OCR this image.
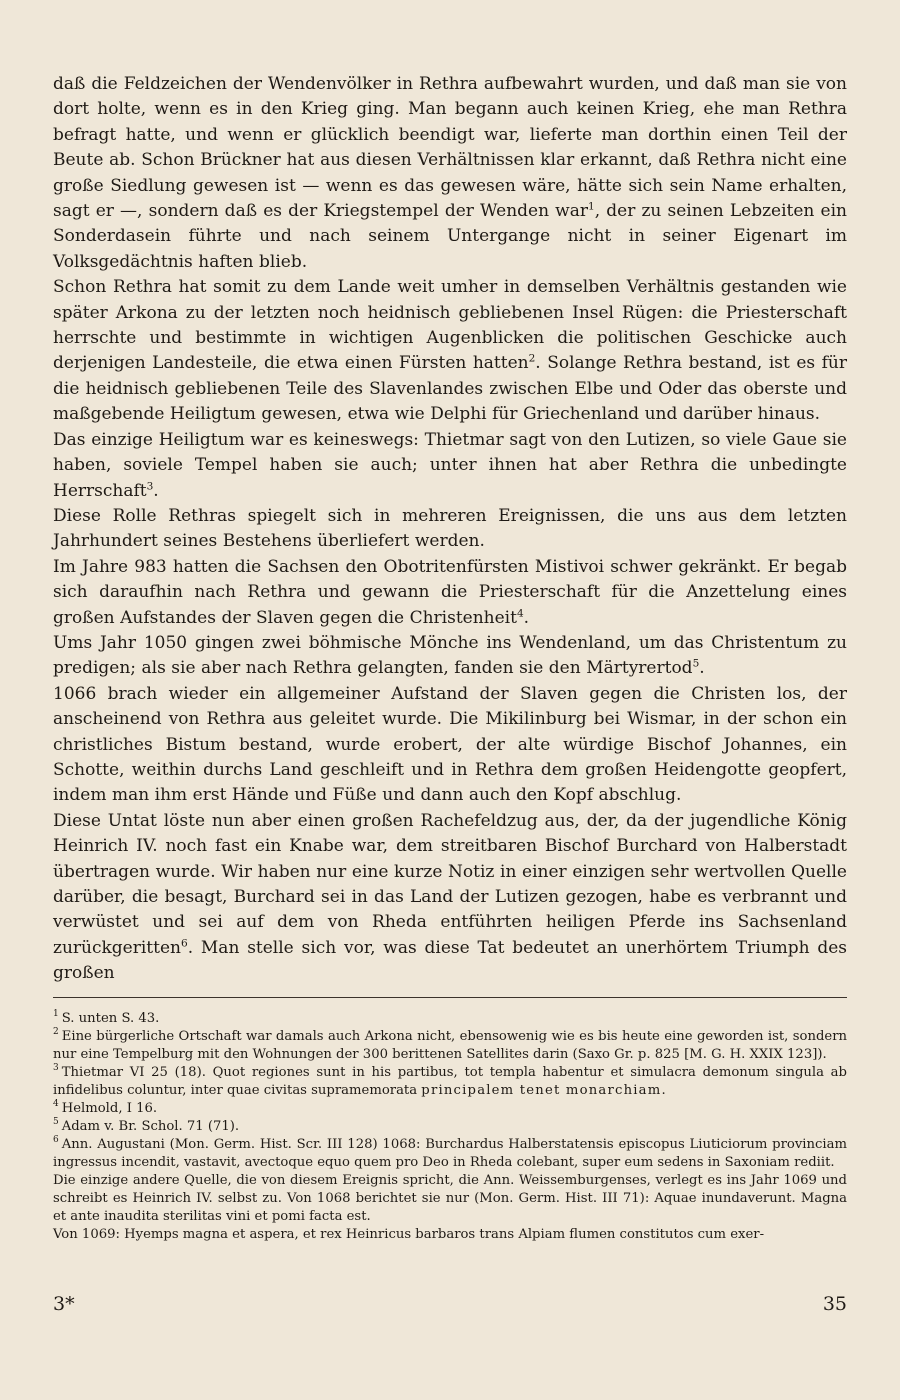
daß die Feldzeichen der Wendenvölker in Rethra aufbewahrt wurden, und daß man sie von dort holte, wenn es in den Krieg ging. Man begann auch keinen Krieg, ehe man Rethra befragt hatte, und wenn er glücklich beendigt war, lieferte man dorthin einen Teil der Beute ab. Schon Brückner hat aus diesen Verhältnissen klar erkannt, daß Rethra nicht eine große Siedlung gewesen ist — wenn es das gewesen wäre, hätte sich sein Name erhalten, sagt er —, sondern daß es der Kriegstempel der Wenden war$^1$, der zu seinen Lebzeiten ein Sonderdasein führte und nach seinem Untergange nicht in seiner Eigenart im Volksgedächtnis haften blieb.

Schon Rethra hat somit zu dem Lande weit umher in demselben Verhältnis gestanden wie später Arkona zu der letzten noch heidnisch gebliebenen Insel Rügen: die Priesterschaft herrschte und bestimmte in wichtigen Augenblicken die politischen Geschicke auch derjenigen Landesteile, die etwa einen Fürsten hatten$^2$. Solange Rethra bestand, ist es für die heidnisch gebliebenen Teile des Slavenlandes zwischen Elbe und Oder das oberste und maßgebende Heiligtum gewesen, etwa wie Delphi für Griechenland und darüber hinaus.

Das einzige Heiligtum war es keineswegs: Thietmar sagt von den Lutizen, so viele Gaue sie haben, soviele Tempel haben sie auch; unter ihnen hat aber Rethra die unbedingte Herrschaft$^3$.

Diese Rolle Rethras spiegelt sich in mehreren Ereignissen, die uns aus dem letzten Jahrhundert seines Bestehens überliefert werden.

Im Jahre 983 hatten die Sachsen den Obotritenfürsten Mistivoi schwer gekränkt. Er begab sich daraufhin nach Rethra und gewann die Priesterschaft für die Anzettelung eines großen Aufstandes der Slaven gegen die Christenheit$^4$.

Ums Jahr 1050 gingen zwei böhmische Mönche ins Wendenland, um das Christentum zu predigen; als sie aber nach Rethra gelangten, fanden sie den Märtyrertod$^5$.

1066 brach wieder ein allgemeiner Aufstand der Slaven gegen die Christen los, der anscheinend von Rethra aus geleitet wurde. Die Mikilinburg bei Wismar, in der schon ein christliches Bistum bestand, wurde erobert, der alte würdige Bischof Johannes, ein Schotte, weithin durchs Land geschleift und in Rethra dem großen Heidengotte geopfert, indem man ihm erst Hände und Füße und dann auch den Kopf abschlug.

Diese Untat löste nun aber einen großen Rachefeldzug aus, der, da der jugendliche König Heinrich IV. noch fast ein Knabe war, dem streitbaren Bischof Burchard von Halberstadt übertragen wurde. Wir haben nur eine kurze Notiz in einer einzigen sehr wertvollen Quelle darüber, die besagt, Burchard sei in das Land der Lutizen gezogen, habe es verbrannt und verwüstet und sei auf dem von Rheda entführten heiligen Pferde ins Sachsenland zurückgeritten$^6$. Man stelle sich vor, was diese Tat bedeutet an unerhörtem Triumph des großen

$^1$ S. unten S. 43.

$^2$ Eine bürgerliche Ortschaft war damals auch Arkona nicht, ebensowenig wie es bis heute eine geworden ist, sondern nur eine Tempelburg mit den Wohnungen der 300 berittenen Satellites darin (Saxo Gr. p. 825 [M. G. H. XXIX 123]).

$^3$ Thietmar VI 25 (18). Quot regiones sunt in his partibus, tot templa habentur et simulacra demonum singula ab infidelibus coluntur, inter quae civitas supramemorata principalem tenet monarchiam.

$^4$ Helmold, I 16.

$^5$ Adam v. Br. Schol. 71 (71).

$^6$ Ann. Augustani (Mon. Germ. Hist. Scr. III 128) 1068: Burchardus Halberstatensis episcopus Liuticiorum provinciam ingressus incendit, vastavit, avectoque equo quem pro Deo in Rheda colebant, super eum sedens in Saxoniam rediit.

Die einzige andere Quelle, die von diesem Ereignis spricht, die Ann. Weissemburgenses, verlegt es ins Jahr 1069 und schreibt es Heinrich IV. selbst zu. Von 1068 berichtet sie nur (Mon. Germ. Hist. III 71): Aquae inundaverunt. Magna et ante inaudita sterilitas vini et pomi facta est.

Von 1069: Hyemps magna et aspera, et rex Heinricus barbaros trans Alpiam flumen constitutos cum exer-

3*	35
